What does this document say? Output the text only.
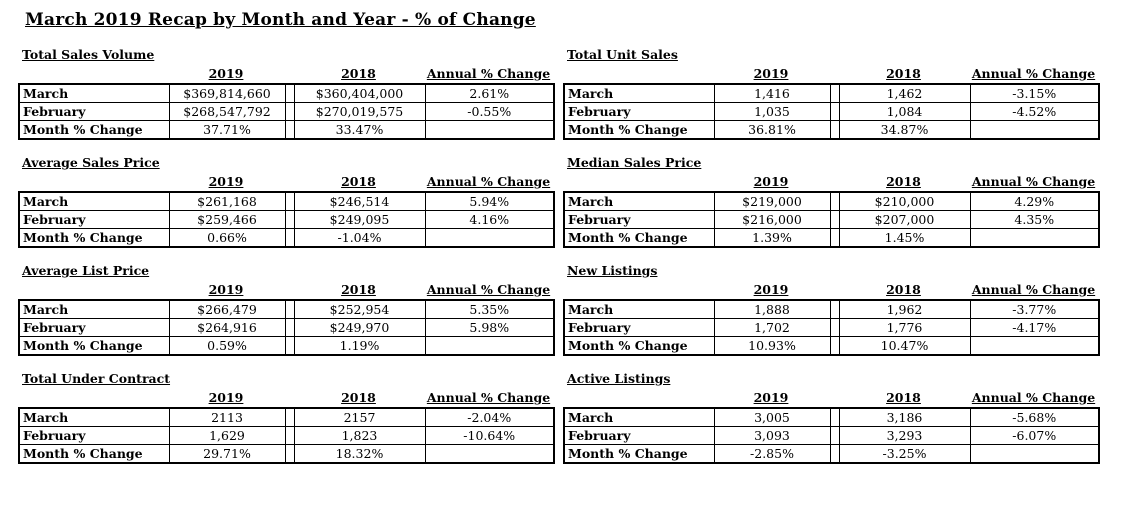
March 2019 Recap by Month and Year - % of Change
Total Sales Volume
2019	2018	Annual % Change
March	$369,814,660		$360,404,000	2.61%
February	$268,547,792		$270,019,575	-0.55%
Month % Change	37.71%		33.47%	
Total Unit Sales
2019	2018	Annual % Change
March	1,416		1,462	-3.15%
February	1,035		1,084	-4.52%
Month % Change	36.81%		34.87%	
Average Sales Price
2019	2018	Annual % Change
March	$261,168		$246,514	5.94%
February	$259,466		$249,095	4.16%
Month % Change	0.66%		-1.04%	
Median Sales Price
2019	2018	Annual % Change
March	$219,000		$210,000	4.29%
February	$216,000		$207,000	4.35%
Month % Change	1.39%		1.45%	
Average List Price
2019	2018	Annual % Change
March	$266,479		$252,954	5.35%
February	$264,916		$249,970	5.98%
Month % Change	0.59%		1.19%	
New Listings
2019	2018	Annual % Change
March	1,888		1,962	-3.77%
February	1,702		1,776	-4.17%
Month % Change	10.93%		10.47%	
Total Under Contract
2019	2018	Annual % Change
March	2113		2157	-2.04%
February	1,629		1,823	-10.64%
Month % Change	29.71%		18.32%	
Active Listings
2019	2018	Annual % Change
March	3,005		3,186	-5.68%
February	3,093		3,293	-6.07%
Month % Change	-2.85%		-3.25%	
